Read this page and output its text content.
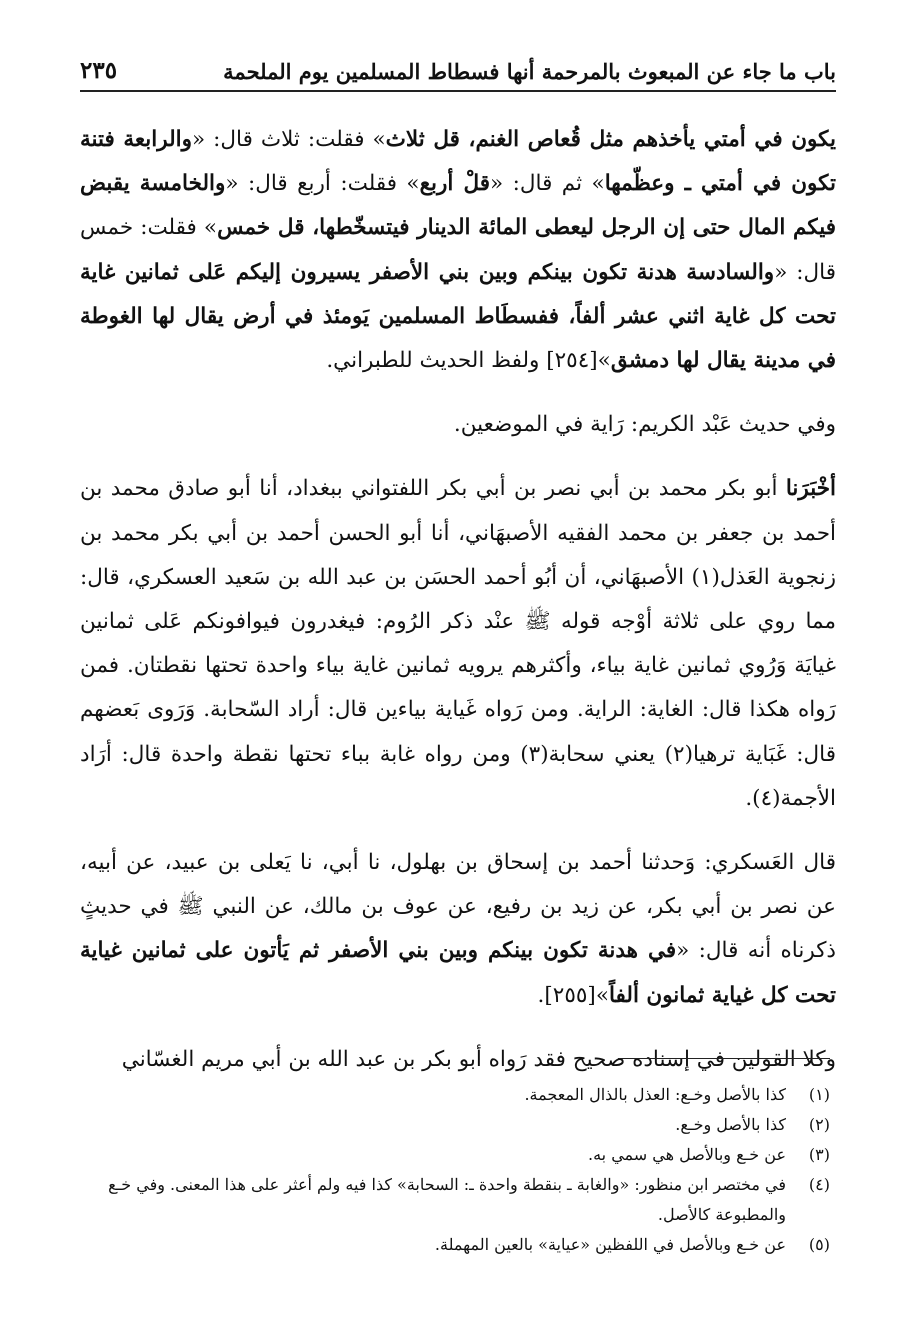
باب ما جاء عن المبعوث بالمرحمة أنها فسطاط المسلمين يوم الملحمة
٢٣٥

يكون في أمتي يأخذهم مثل قُعاص الغنم، قل ثلاث» فقلت: ثلاث قال: «والرابعة فتنة تكون في أمتي ـ وعظّمها» ثم قال: «قلْ أربع» فقلت: أربع قال: «والخامسة يقبض فيكم المال حتى إن الرجل ليعطى المائة الدينار فيتسخّطها، قل خمس» فقلت: خمس قال: «والسادسة هدنة تكون بينكم وبين بني الأصفر يسيرون إليكم عَلى ثمانين غاية تحت كل غاية اثني عشر ألفاً، ففسطَاط المسلمين يَومئذ في أرض يقال لها الغوطة في مدينة يقال لها دمشق»[٢٥٤] ولفظ الحديث للطبراني.

وفي حديث عَبْد الكريم: رَاية في الموضعين.

أخْبَرَنا أبو بكر محمد بن أبي نصر بن أبي بكر اللفتواني ببغداد، أنا أبو صادق محمد بن أحمد بن جعفر بن محمد الفقيه الأصبهَاني، أنا أبو الحسن أحمد بن أبي بكر محمد بن زنجوية العَذل(١) الأصبهَاني، أن أبُو أحمد الحسَن بن عبد الله بن سَعيد العسكري، قال: مما روي على ثلاثة أوْجه قوله ﷺ عنْد ذكر الرُوم: فيغدرون فيوافونكم عَلى ثمانين غيايَة وَرُوي ثمانين غاية بياء، وأكثرهم يرويه ثمانين غاية بياء واحدة تحتها نقطتان. فمن رَواه هكذا قال: الغاية: الراية. ومن رَواه غَياية بياءين قال: أراد السّحابة. وَرَوى بَعضهم قال: غَبَاية ترهيا(٢) يعني سحابة(٣) ومن رواه غابة بباء تحتها نقطة واحدة قال: أرَاد الأجمة(٤).

قال العَسكري: وَحدثنا أحمد بن إسحاق بن بهلول، نا أبي، نا يَعلى بن عبيد، عن أبيه، عن نصر بن أبي بكر، عن زيد بن رفيع، عن عوف بن مالك، عن النبي ﷺ في حديثٍ ذكرناه أنه قال: «في هدنة تكون بينكم وبين بني الأصفر ثم يَأتون على ثمانين غياية تحت كل غياية ثمانون ألفاً»[٢٥٥].

وكلا القولين في إسناده صحيح فقد رَواه أبو بكر بن عبد الله بن أبي مريم الغسّاني

(١)
كذا بالأصل وخـع: العذل بالذال المعجمة.
(٢)
كذا بالأصل وخـع.
(٣)
عن خـع وبالأصل هي سمي به.
(٤)
في مختصر ابن منظور: «والغابة ـ بنقطة واحدة ـ: السحابة» كذا فيه ولم أعثر على هذا المعنى. وفي خـع والمطبوعة كالأصل.
(٥)
عن خـع وبالأصل في اللفظين «عياية» بالعين المهملة.
